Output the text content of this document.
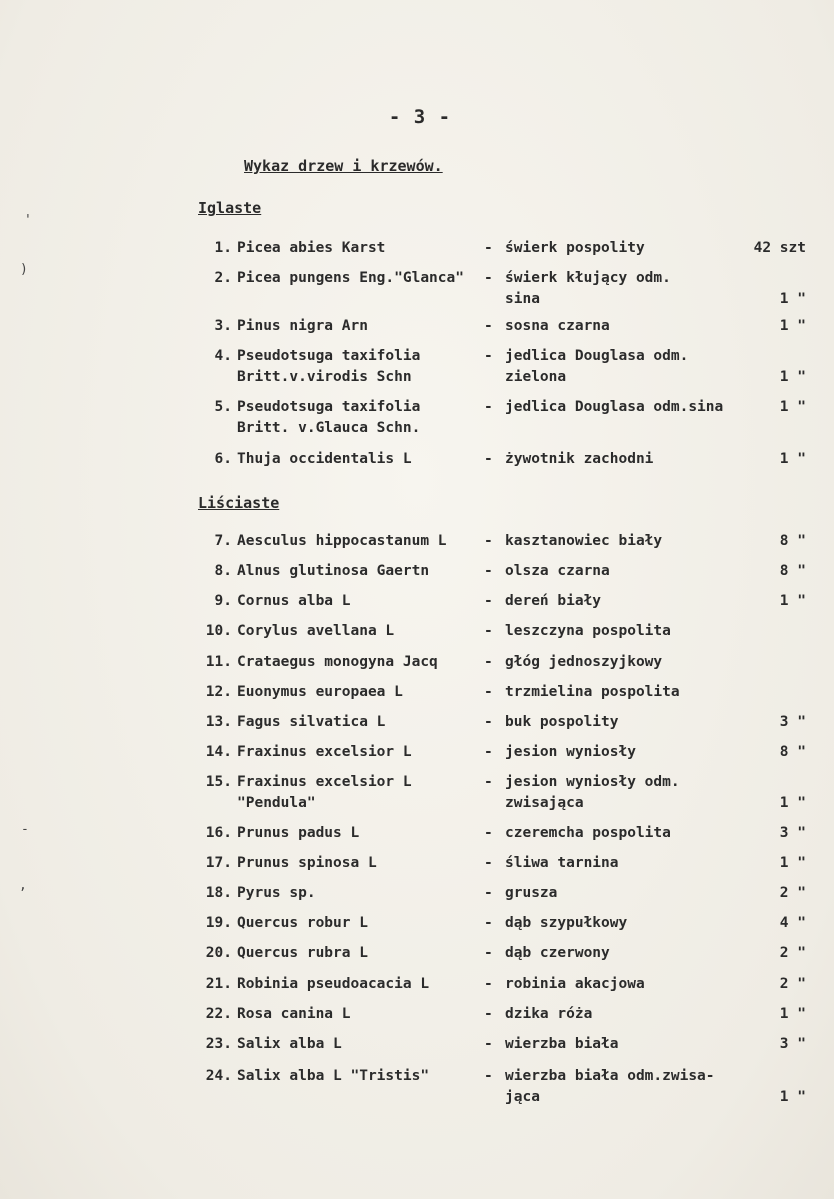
'
)
-
,
- 3 -
Wykaz drzew i krzewów.
Iglaste
Liściaste
1. Picea abies Karst	- świerk pospolity	42 szt
2. Picea pungens Eng."Glanca" - świerk kłujący odm.
sina	1 "
3. Pinus nigra Arn	- sosna czarna	1 "
4. Pseudotsuga taxifolia
Britt.v.virodis Schn
- jedlica Douglasa odm.
zielona	1 "
5. Pseudotsuga taxifolia
Britt. v.Glauca Schn.
- jedlica Douglasa odm.sina	1 "
6. Thuja occidentalis L	- żywotnik zachodni	1 "
7. Aesculus hippocastanum L	- kasztanowiec biały	8 "
8. Alnus glutinosa Gaertn	- olsza czarna	8 "
9. Cornus alba L	- dereń biały	1 "
10. Corylus avellana L	- leszczyna pospolita
11. Crataegus monogyna Jacq	- głóg jednoszyjkowy
12. Euonymus europaea L	- trzmielina pospolita
13. Fagus silvatica L	- buk pospolity	3 "
14. Fraxinus excelsior L	- jesion wyniosły	8 "
15. Fraxinus excelsior L
"Pendula"
- jesion wyniosły odm.
zwisająca	1 "
16. Prunus padus L	- czeremcha pospolita	3 "
17. Prunus spinosa L	- śliwa tarnina	1 "
18. Pyrus sp.	- grusza	2 "
19. Quercus robur L	- dąb szypułkowy	4 "
20. Quercus rubra L	- dąb czerwony	2 "
21. Robinia pseudoacacia L	- robinia akacjowa	2 "
22. Rosa canina L	- dzika róża	1 "
23. Salix alba L	- wierzba biała	3 "
24. Salix alba L "Tristis"	- wierzba biała odm.zwisa-
jąca	1 "
